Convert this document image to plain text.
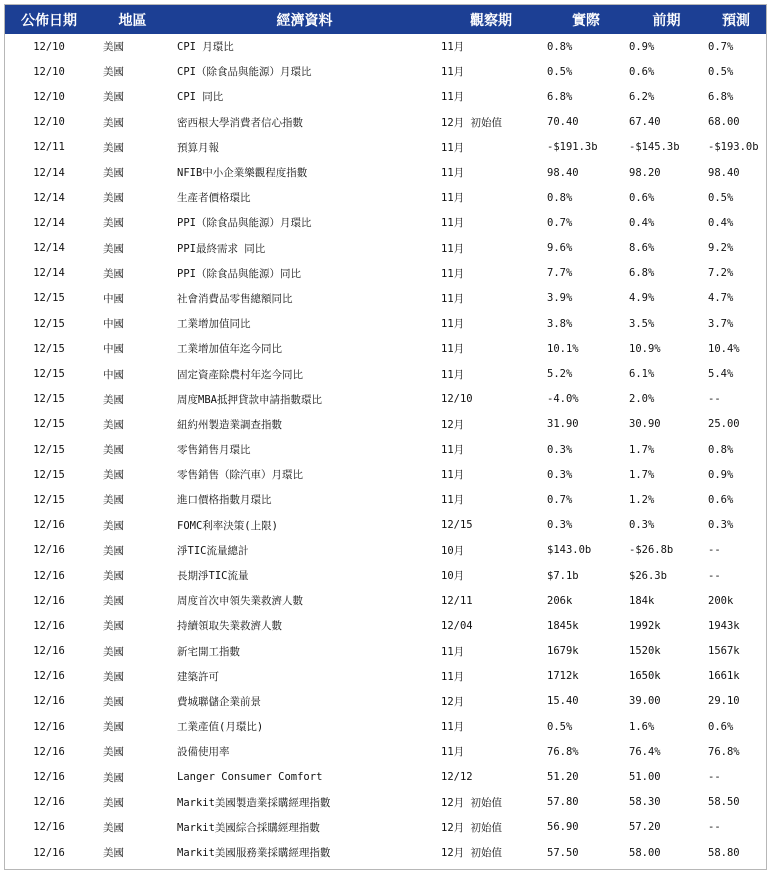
公佈日期	地區	經濟資料	觀察期	實際	前期	預測
12/10	美國	CPI 月環比	11月	0.8%	0.9%	0.7%
12/10	美國	CPI（除食品與能源）月環比	11月	0.5%	0.6%	0.5%
12/10	美國	CPI 同比	11月	6.8%	6.2%	6.8%
12/10	美國	密西根大學消費者信心指數	12月 初始值	70.40	67.40	68.00
12/11	美國	預算月報	11月	-$191.3b	-$145.3b	-$193.0b
12/14	美國	NFIB中小企業樂觀程度指數	11月	98.40	98.20	98.40
12/14	美國	生產者價格環比	11月	0.8%	0.6%	0.5%
12/14	美國	PPI（除食品與能源）月環比	11月	0.7%	0.4%	0.4%
12/14	美國	PPI最終需求 同比	11月	9.6%	8.6%	9.2%
12/14	美國	PPI（除食品與能源）同比	11月	7.7%	6.8%	7.2%
12/15	中國	社會消費品零售總額同比	11月	3.9%	4.9%	4.7%
12/15	中國	工業增加值同比	11月	3.8%	3.5%	3.7%
12/15	中國	工業增加值年迄今同比	11月	10.1%	10.9%	10.4%
12/15	中國	固定資產除農村年迄今同比	11月	5.2%	6.1%	5.4%
12/15	美國	周度MBA抵押貸款申請指數環比	12/10	-4.0%	2.0%	--
12/15	美國	紐約州製造業調查指數	12月	31.90	30.90	25.00
12/15	美國	零售銷售月環比	11月	0.3%	1.7%	0.8%
12/15	美國	零售銷售（除汽車）月環比	11月	0.3%	1.7%	0.9%
12/15	美國	進口價格指數月環比	11月	0.7%	1.2%	0.6%
12/16	美國	FOMC利率決策(上限)	12/15	0.3%	0.3%	0.3%
12/16	美國	淨TIC流量總計	10月	$143.0b	-$26.8b	--
12/16	美國	長期淨TIC流量	10月	$7.1b	$26.3b	--
12/16	美國	周度首次申領失業救濟人數	12/11	206k	184k	200k
12/16	美國	持續領取失業救濟人數	12/04	1845k	1992k	1943k
12/16	美國	新宅開工指數	11月	1679k	1520k	1567k
12/16	美國	建築許可	11月	1712k	1650k	1661k
12/16	美國	費城聯儲企業前景	12月	15.40	39.00	29.10
12/16	美國	工業產值(月環比)	11月	0.5%	1.6%	0.6%
12/16	美國	設備使用率	11月	76.8%	76.4%	76.8%
12/16	美國	Langer Consumer Comfort	12/12	51.20	51.00	--
12/16	美國	Markit美國製造業採購經理指數	12月 初始值	57.80	58.30	58.50
12/16	美國	Markit美國綜合採購經理指數	12月 初始值	56.90	57.20	--
12/16	美國	Markit美國服務業採購經理指數	12月 初始值	57.50	58.00	58.80
